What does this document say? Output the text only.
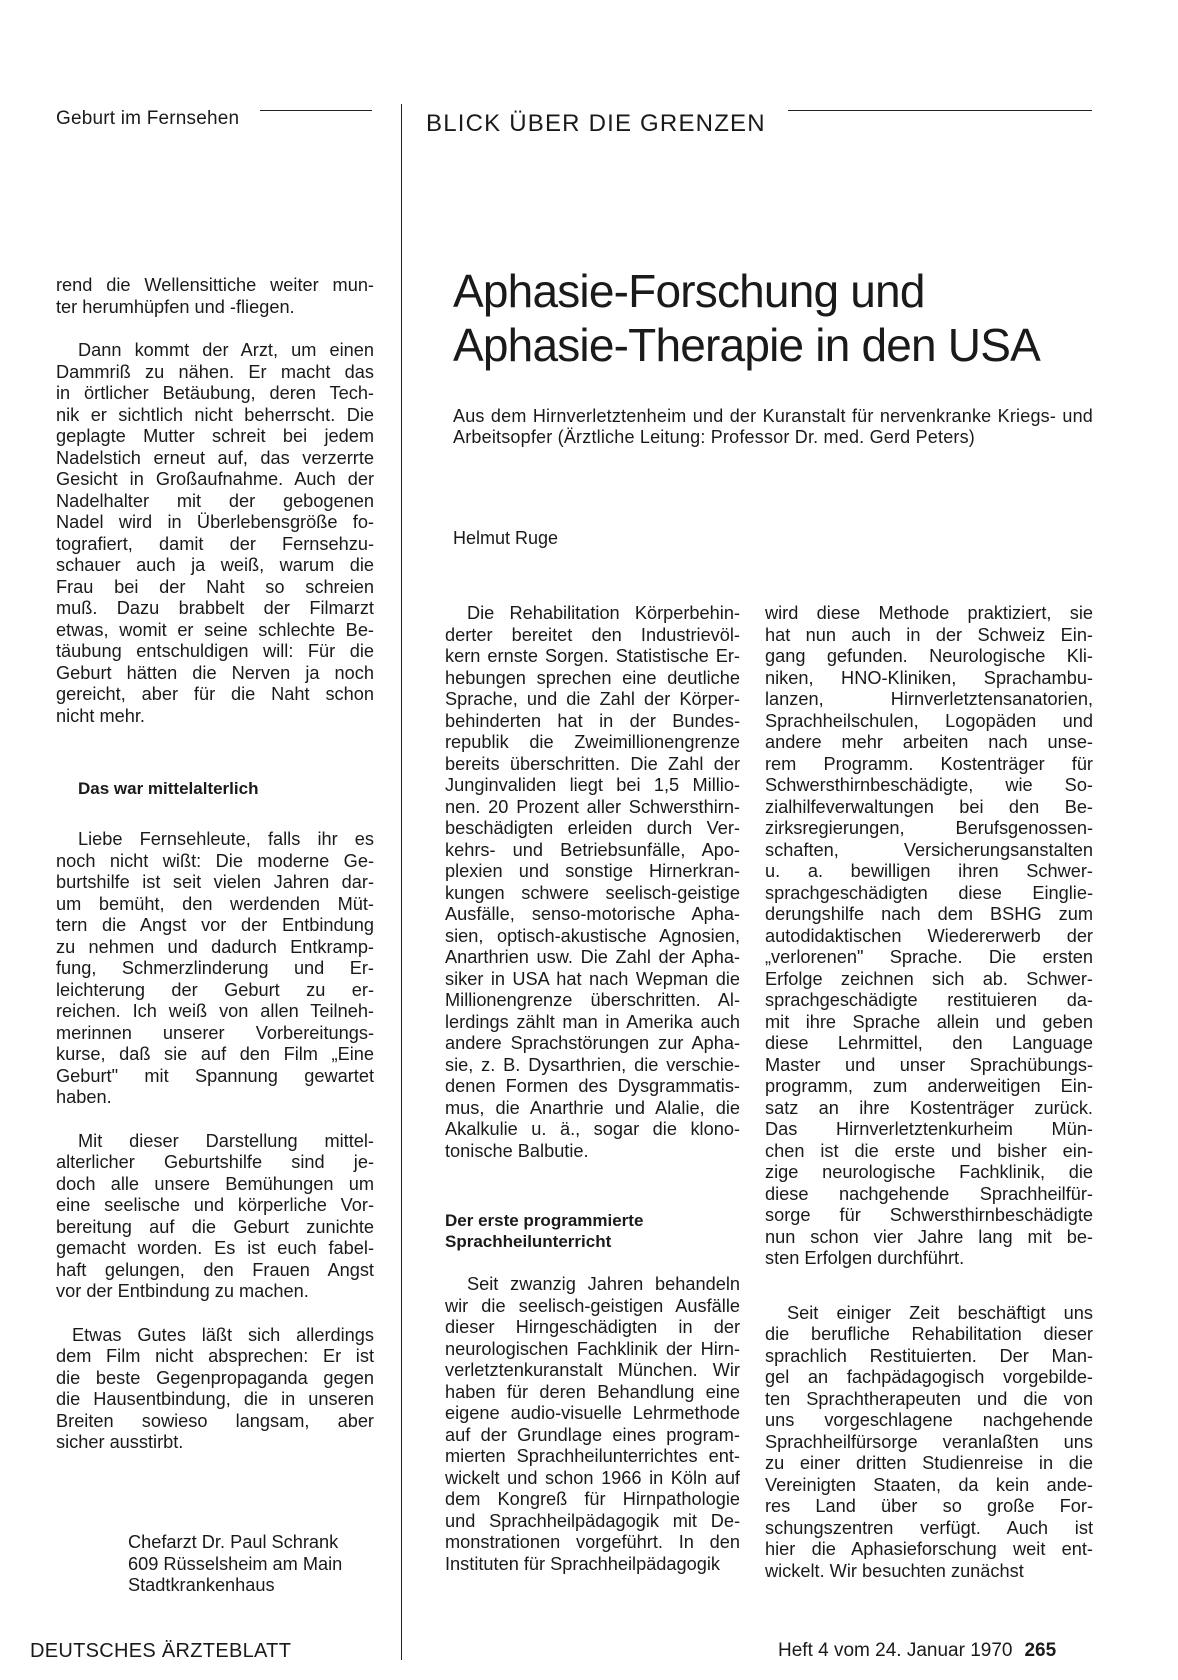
Geburt im Fernsehen	BLICK ÜBER DIE GRENZEN
Aphasie-Forschung und
Aphasie-Therapie in den USA
Aus dem Hirnverletztenheim und der Kuranstalt für nervenkranke Kriegs- und Arbeitsopfer (Ärztliche Leitung: Professor Dr. med. Gerd Peters)
Helmut Ruge
rend die Wellensittiche weiter mun-
ter herumhüpfen und -fliegen.
Dann kommt der Arzt, um einen
Dammriß zu nähen. Er macht das
in örtlicher Betäubung, deren Tech-
nik er sichtlich nicht beherrscht. Die
geplagte Mutter schreit bei jedem
Nadelstich erneut auf, das verzerrte
Gesicht in Großaufnahme. Auch der
Nadelhalter mit der gebogenen
Nadel wird in Überlebensgröße fo-
tografiert, damit der Fernsehzu-
schauer auch ja weiß, warum die
Frau bei der Naht so schreien
muß. Dazu brabbelt der Filmarzt
etwas, womit er seine schlechte Be-
täubung entschuldigen will: Für die
Geburt hätten die Nerven ja noch
gereicht, aber für die Naht schon
nicht mehr.
Das war mittelalterlich
Liebe Fernsehleute, falls ihr es
noch nicht wißt: Die moderne Ge-
burtshilfe ist seit vielen Jahren dar-
um bemüht, den werdenden Müt-
tern die Angst vor der Entbindung
zu nehmen und dadurch Entkramp-
fung, Schmerzlinderung und Er-
leichterung der Geburt zu er-
reichen. Ich weiß von allen Teilneh-
merinnen unserer Vorbereitungs-
kurse, daß sie auf den Film „Eine
Geburt" mit Spannung gewartet
haben.
Mit dieser Darstellung mittel-
alterlicher Geburtshilfe sind je-
doch alle unsere Bemühungen um
eine seelische und körperliche Vor-
bereitung auf die Geburt zunichte
gemacht worden. Es ist euch fabel-
haft gelungen, den Frauen Angst
vor der Entbindung zu machen.
Etwas Gutes läßt sich allerdings
dem Film nicht absprechen: Er ist
die beste Gegenpropaganda gegen
die Hausentbindung, die in unseren
Breiten sowieso langsam, aber
sicher ausstirbt.
Chefarzt Dr. Paul Schrank
609 Rüsselsheim am Main
Stadtkrankenhaus
Die Rehabilitation Körperbehin-
derter bereitet den Industrievöl-
kern ernste Sorgen. Statistische Er-
hebungen sprechen eine deutliche
Sprache, und die Zahl der Körper-
behinderten hat in der Bundes-
republik die Zweimillionengrenze
bereits überschritten. Die Zahl der
Junginvaliden liegt bei 1,5 Millio-
nen. 20 Prozent aller Schwersthirn-
beschädigten erleiden durch Ver-
kehrs- und Betriebsunfälle, Apo-
plexien und sonstige Hirnerkran-
kungen schwere seelisch-geistige
Ausfälle, senso-motorische Apha-
sien, optisch-akustische Agnosien,
Anarthrien usw. Die Zahl der Apha-
siker in USA hat nach Wepman die
Millionengrenze überschritten. Al-
lerdings zählt man in Amerika auch
andere Sprachstörungen zur Apha-
sie, z. B. Dysarthrien, die verschie-
denen Formen des Dysgrammatis-
mus, die Anarthrie und Alalie, die
Akalkulie u. ä., sogar die klono-
tonische Balbutie.
Der erste programmierte
Sprachheilunterricht
Seit zwanzig Jahren behandeln
wir die seelisch-geistigen Ausfälle
dieser Hirngeschädigten in der
neurologischen Fachklinik der Hirn-
verletztenkuranstalt München. Wir
haben für deren Behandlung eine
eigene audio-visuelle Lehrmethode
auf der Grundlage eines program-
mierten Sprachheilunterrichtes ent-
wickelt und schon 1966 in Köln auf
dem Kongreß für Hirnpathologie
und Sprachheilpädagogik mit De-
monstrationen vorgeführt. In den
Instituten für Sprachheilpädagogik
wird diese Methode praktiziert, sie
hat nun auch in der Schweiz Ein-
gang gefunden. Neurologische Kli-
niken, HNO-Kliniken, Sprachambu-
lanzen, Hirnverletztensanatorien,
Sprachheilschulen, Logopäden und
andere mehr arbeiten nach unse-
rem Programm. Kostenträger für
Schwersthirnbeschädigte, wie So-
zialhilfeverwaltungen bei den Be-
zirksregierungen, Berufsgenossen-
schaften, Versicherungsanstalten
u. a. bewilligen ihren Schwer-
sprachgeschädigten diese Einglie-
derungshilfe nach dem BSHG zum
autodidaktischen Wiedererwerb der
„verlorenen" Sprache. Die ersten
Erfolge zeichnen sich ab. Schwer-
sprachgeschädigte restituieren da-
mit ihre Sprache allein und geben
diese Lehrmittel, den Language
Master und unser Sprachübungs-
programm, zum anderweitigen Ein-
satz an ihre Kostenträger zurück.
Das Hirnverletztenkurheim Mün-
chen ist die erste und bisher ein-
zige neurologische Fachklinik, die
diese nachgehende Sprachheilfür-
sorge für Schwersthirnbeschädigte
nun schon vier Jahre lang mit be-
sten Erfolgen durchführt.
Seit einiger Zeit beschäftigt uns
die berufliche Rehabilitation dieser
sprachlich Restituierten. Der Man-
gel an fachpädagogisch vorgebilde-
ten Sprachtherapeuten und die von
uns vorgeschlagene nachgehende
Sprachheilfürsorge veranlaßten uns
zu einer dritten Studienreise in die
Vereinigten Staaten, da kein ande-
res Land über so große For-
schungszentren verfügt. Auch ist
hier die Aphasieforschung weit ent-
wickelt. Wir besuchten zunächst
DEUTSCHES ÄRZTEBLATT	Heft 4 vom 24. Januar 1970 265
